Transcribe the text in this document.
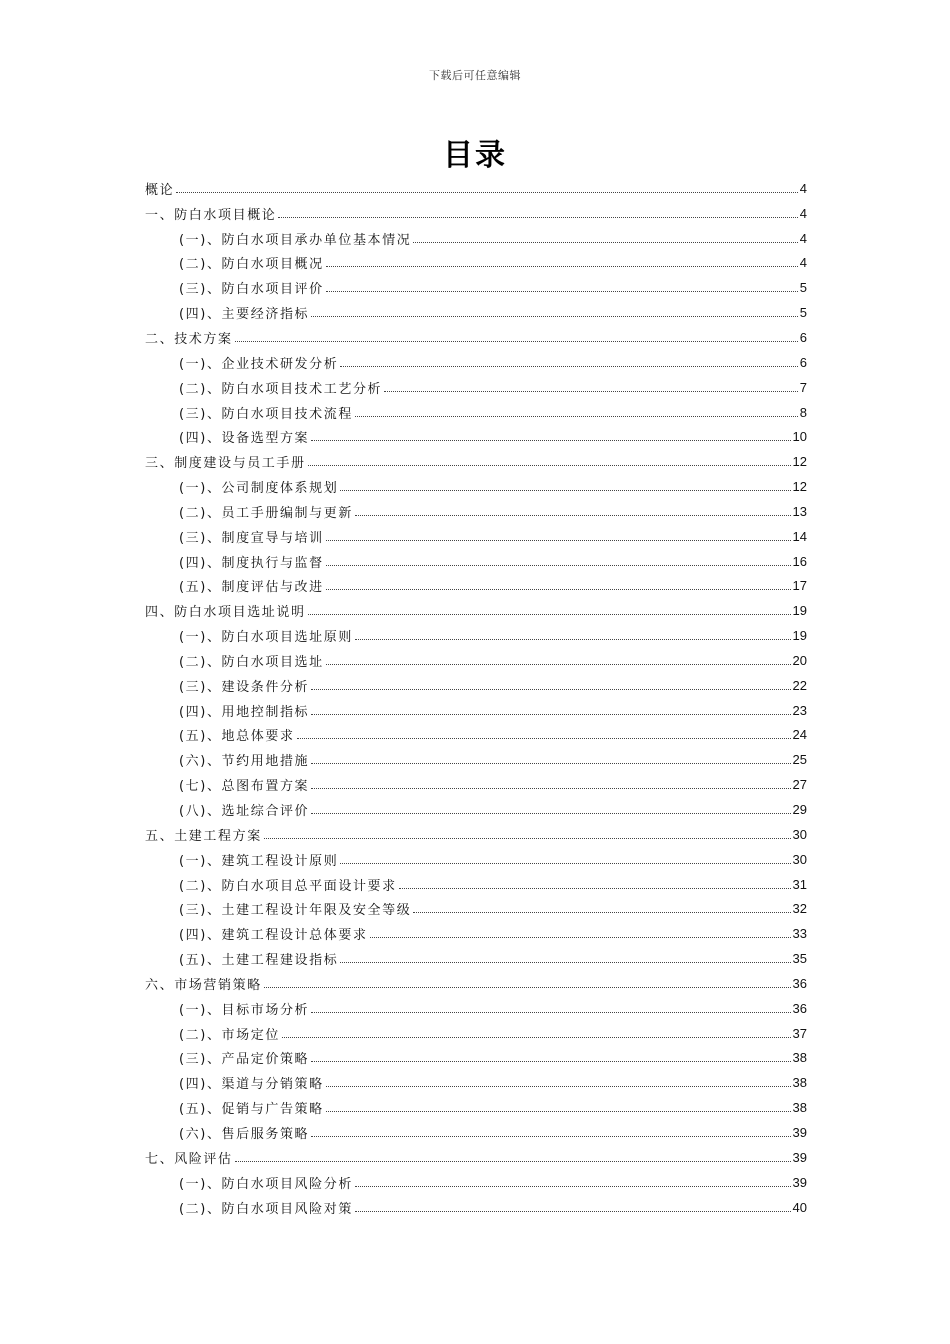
下载后可任意编辑
目录
概论	4
一、防白水项目概论	4
(一)、防白水项目承办单位基本情况	4
(二)、防白水项目概况	4
(三)、防白水项目评价	5
(四)、主要经济指标	5
二、技术方案	6
(一)、企业技术研发分析	6
(二)、防白水项目技术工艺分析	7
(三)、防白水项目技术流程	8
(四)、设备选型方案	10
三、制度建设与员工手册	12
(一)、公司制度体系规划	12
(二)、员工手册编制与更新	13
(三)、制度宣导与培训	14
(四)、制度执行与监督	16
(五)、制度评估与改进	17
四、防白水项目选址说明	19
(一)、防白水项目选址原则	19
(二)、防白水项目选址	20
(三)、建设条件分析	22
(四)、用地控制指标	23
(五)、地总体要求	24
(六)、节约用地措施	25
(七)、总图布置方案	27
(八)、选址综合评价	29
五、土建工程方案	30
(一)、建筑工程设计原则	30
(二)、防白水项目总平面设计要求	31
(三)、土建工程设计年限及安全等级	32
(四)、建筑工程设计总体要求	33
(五)、土建工程建设指标	35
六、市场营销策略	36
(一)、目标市场分析	36
(二)、市场定位	37
(三)、产品定价策略	38
(四)、渠道与分销策略	38
(五)、促销与广告策略	38
(六)、售后服务策略	39
七、风险评估	39
(一)、防白水项目风险分析	39
(二)、防白水项目风险对策	40
